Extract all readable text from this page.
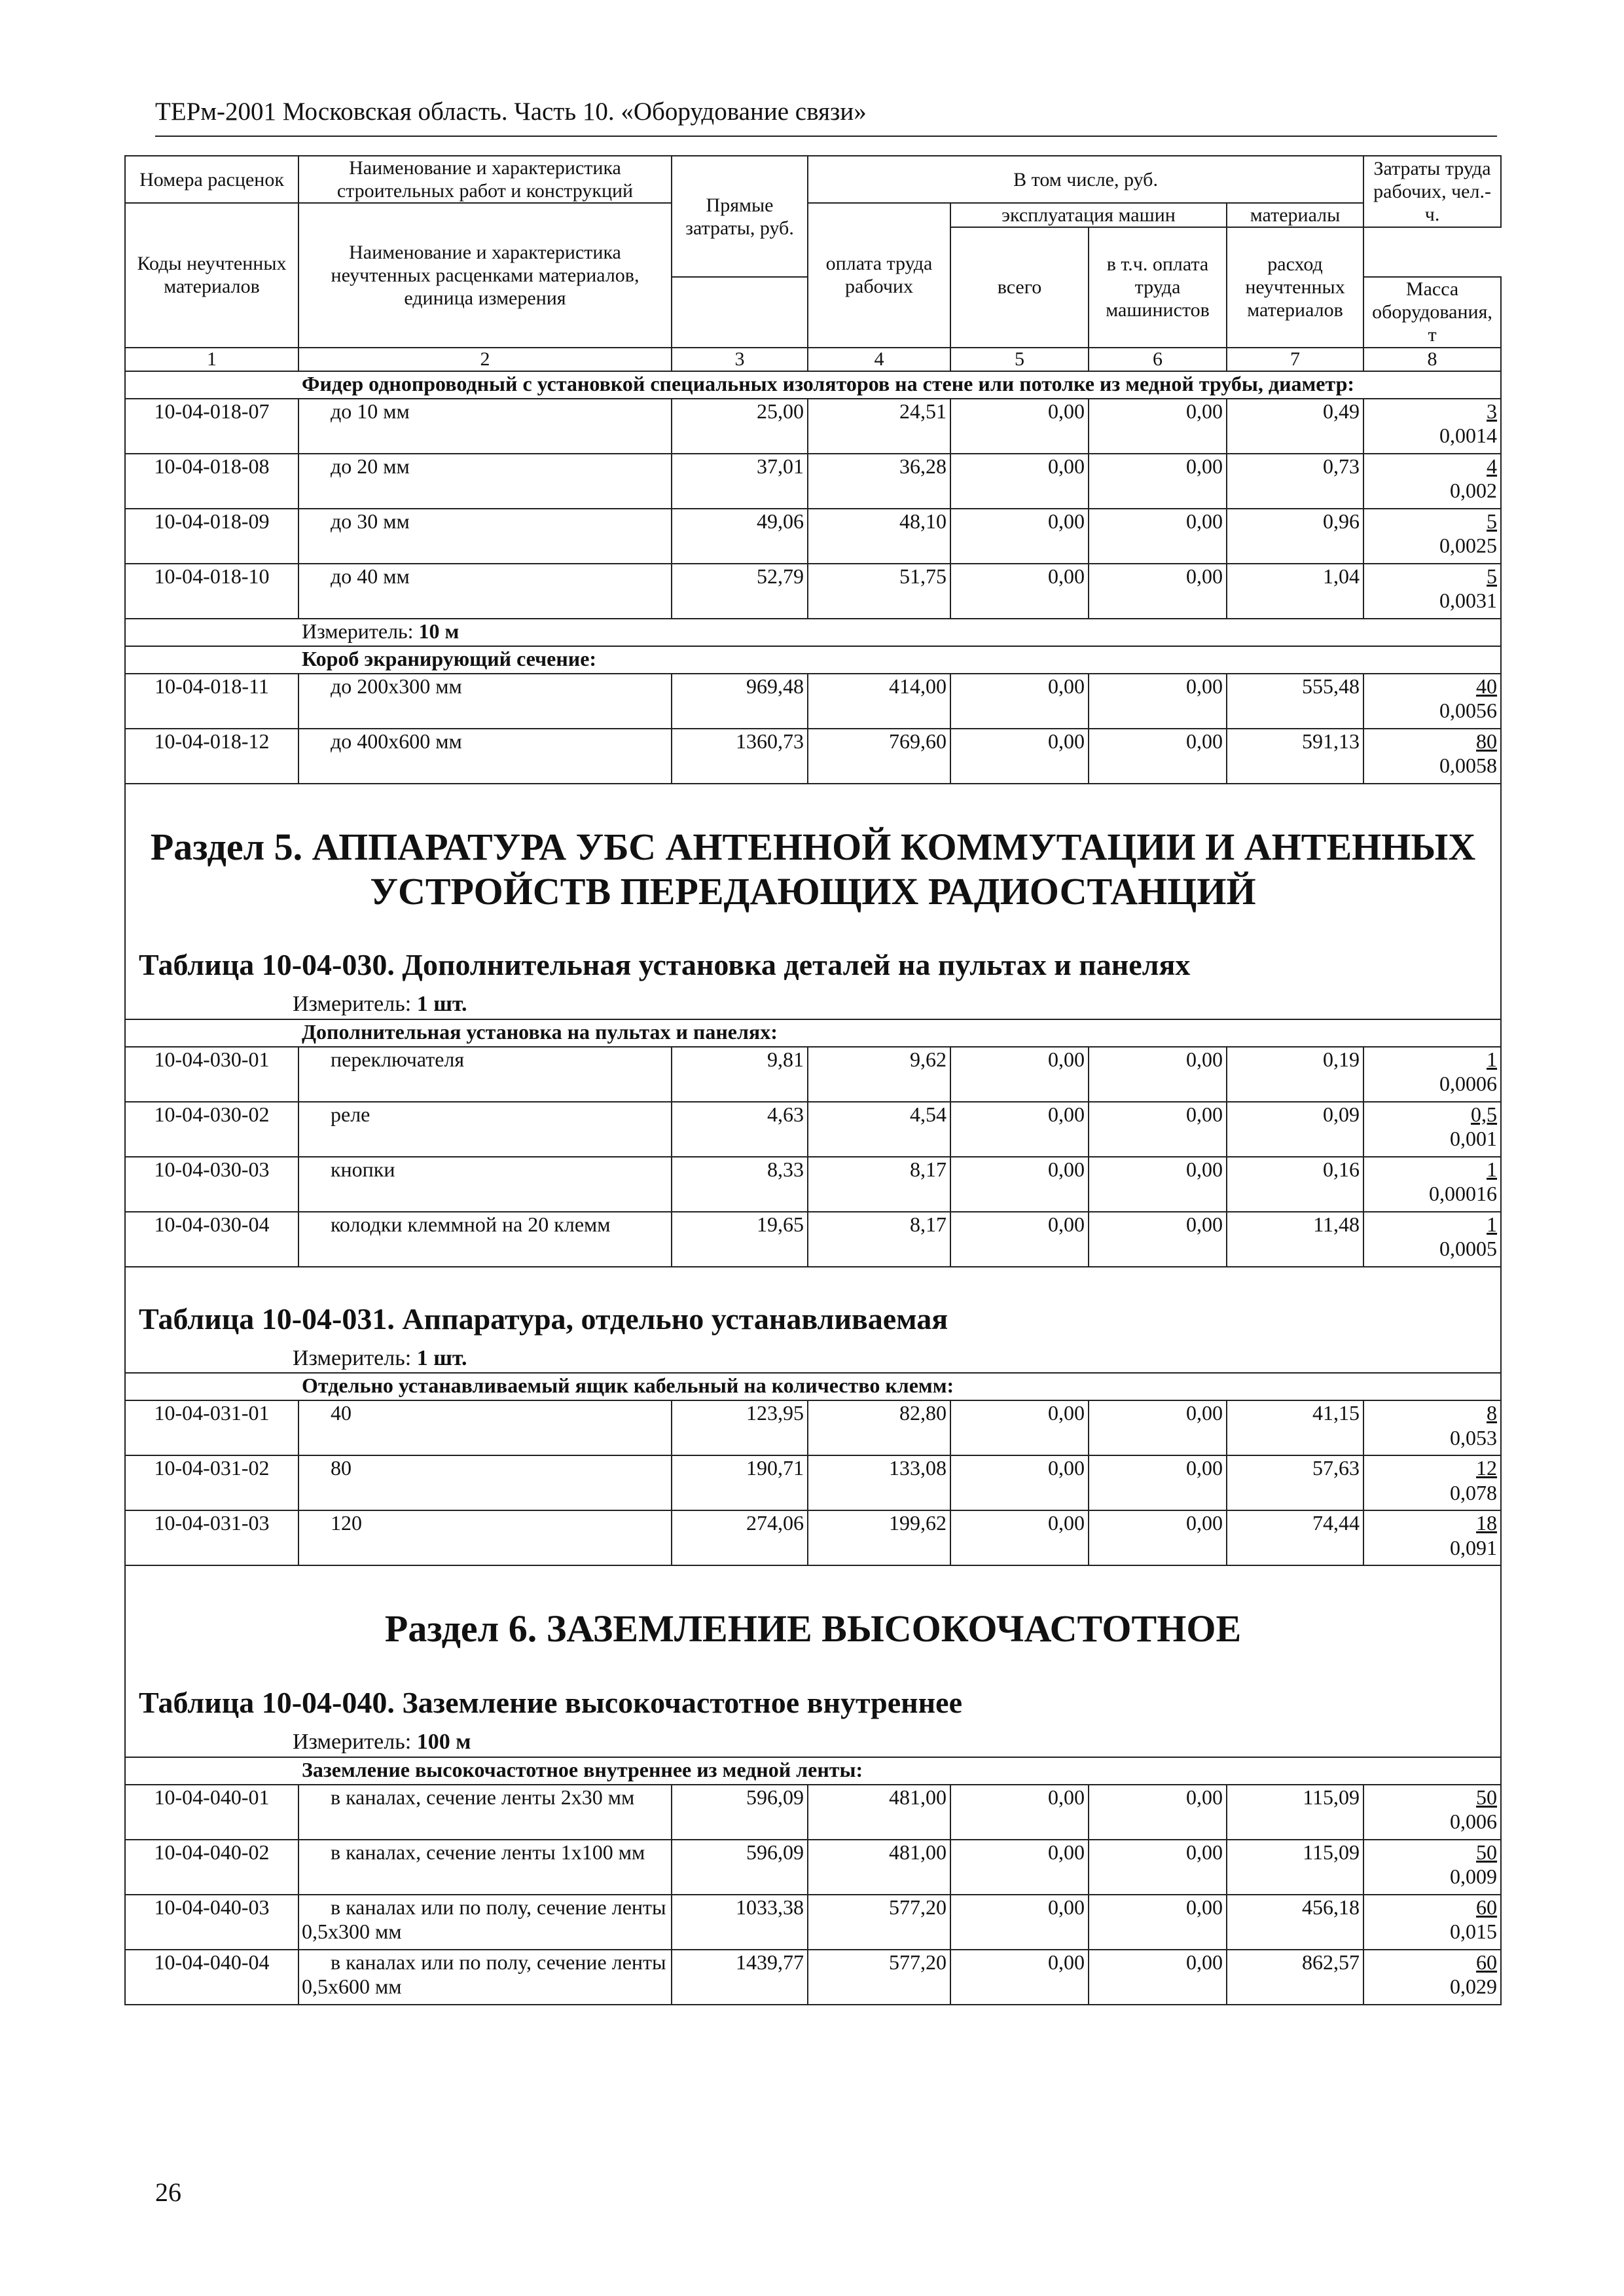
ТЕРм-2001 Московская область. Часть 10. «Оборудование связи»
Номера расценок	Наименование и характеристика строительных работ и конструкций	Прямые затраты, руб.	В том числе, руб.				Затраты труда рабочих, чел.-ч.
Коды неучтенных материалов	Наименование и характеристика неучтенных расценками материалов, единица измерения		оплата труда рабочих	эксплуатация машин		материалы	
				всего	в т.ч. оплата труда машинистов	расход неучтенных материалов	
							Масса оборудования, т
1	2	3	4	5	6	7	8
	Фидер однопроводный с установкой специальных изоляторов на стене или потолке из медной трубы, диаметр:						
10-04-018-07	до 10 мм	25,00	24,51	0,00	0,00	0,49	3
0,0014

10-04-018-08	до 20 мм	37,01	36,28	0,00	0,00	0,73	4
0,002

10-04-018-09	до 30 мм	49,06	48,10	0,00	0,00	0,96	5
0,0025

10-04-018-10	до 40 мм	52,79	51,75	0,00	0,00	1,04	5
0,0031

	Измеритель: 10 м						
	Короб экранирующий сечение:						
10-04-018-11	до 200х300 мм	969,48	414,00	0,00	0,00	555,48	40
0,0056

10-04-018-12	до 400х600 мм	1360,73	769,60	0,00	0,00	591,13	80
0,0058

Раздел 5. АППАРАТУРА УБС АНТЕННОЙ КОММУТАЦИИ И АНТЕННЫХ УСТРОЙСТВ ПЕРЕДАЮЩИХ РАДИОСТАНЦИЙ
Таблица 10-04-030. Дополнительная установка деталей на пультах и панелях
Измеритель: 1 шт.							

	Дополнительная установка на пультах и панелях:						
10-04-030-01	переключателя	9,81	9,62	0,00	0,00	0,19	1
0,0006

10-04-030-02	реле	4,63	4,54	0,00	0,00	0,09	0,5
0,001

10-04-030-03	кнопки	8,33	8,17	0,00	0,00	0,16	1
0,00016

10-04-030-04	колодки клеммной на 20 клемм	19,65	8,17	0,00	0,00	11,48	1
0,0005

Таблица 10-04-031. Аппаратура, отдельно устанавливаемая
Измеритель: 1 шт.							

	Отдельно устанавливаемый ящик кабельный на количество клемм:						
10-04-031-01	40	123,95	82,80	0,00	0,00	41,15	8
0,053

10-04-031-02	80	190,71	133,08	0,00	0,00	57,63	12
0,078

10-04-031-03	120	274,06	199,62	0,00	0,00	74,44	18
0,091

Раздел 6. ЗАЗЕМЛЕНИЕ ВЫСОКОЧАСТОТНОЕ
Таблица 10-04-040. Заземление высокочастотное внутреннее
Измеритель: 100 м							

	Заземление высокочастотное внутреннее из медной ленты:						
10-04-040-01	в каналах, сечение ленты 2х30 мм	596,09	481,00	0,00	0,00	115,09	50
0,006

10-04-040-02	в каналах, сечение ленты 1х100 мм	596,09	481,00	0,00	0,00	115,09	50
0,009

10-04-040-03	в каналах или по полу, сечение ленты 0,5х300 мм	1033,38	577,20	0,00	0,00	456,18	60
0,015

10-04-040-04	в каналах или по полу, сечение ленты 0,5х600 мм	1439,77	577,20	0,00	0,00	862,57	60
0,029
26
